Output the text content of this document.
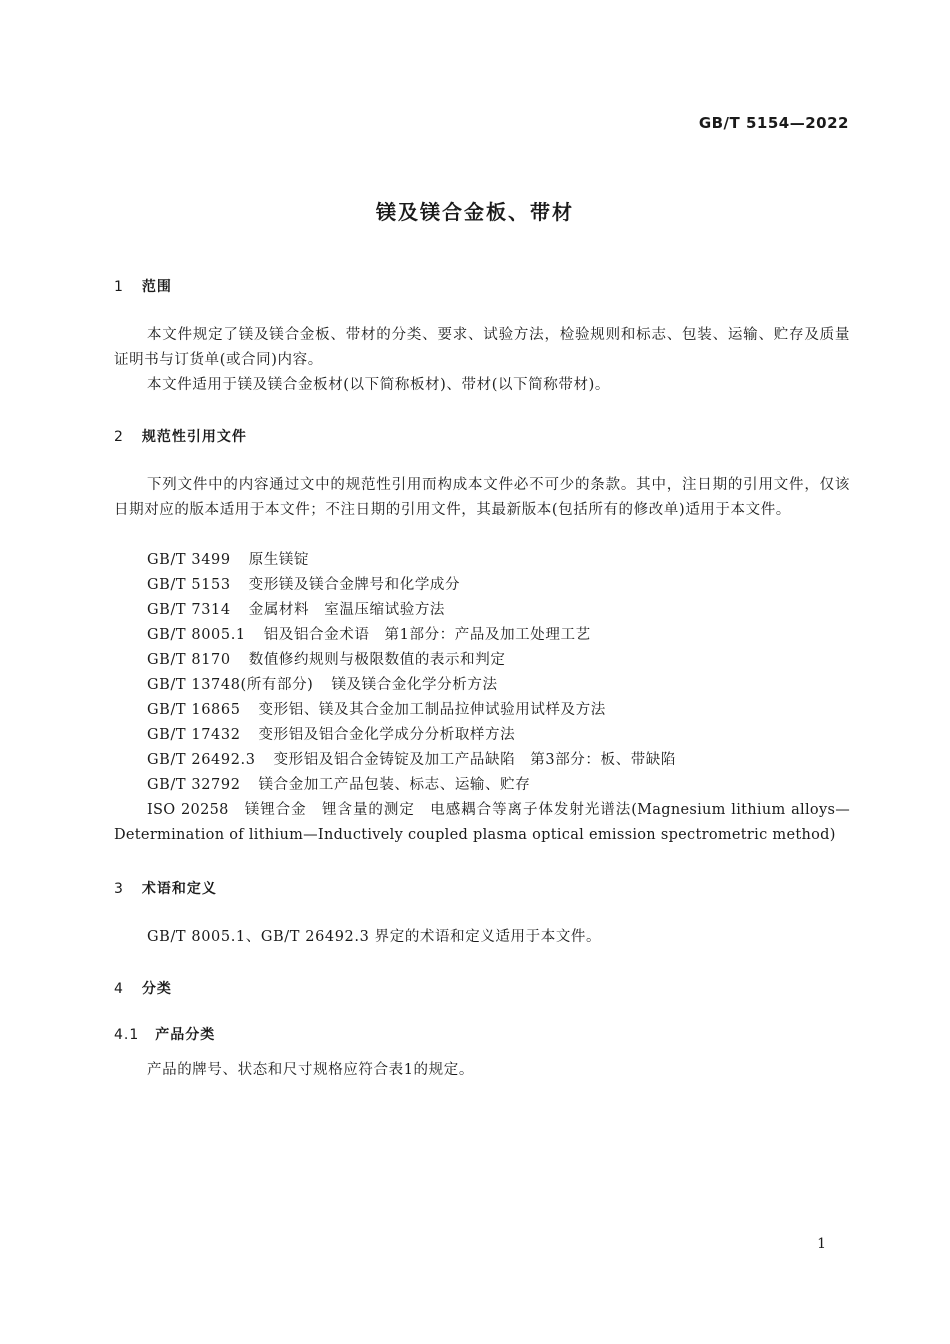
GB/T 5154—2022
镁及镁合金板、带材
1 范围
本文件规定了镁及镁合金板、带材的分类、要求、试验方法，检验规则和标志、包装、运输、贮存及质量证明书与订货单(或合同)内容。
本文件适用于镁及镁合金板材(以下简称板材)、带材(以下简称带材)。
2 规范性引用文件
下列文件中的内容通过文中的规范性引用而构成本文件必不可少的条款。其中，注日期的引用文件，仅该日期对应的版本适用于本文件；不注日期的引用文件，其最新版本(包括所有的修改单)适用于本文件。
GB/T 3499 原生镁锭
GB/T 5153 变形镁及镁合金牌号和化学成分
GB/T 7314 金属材料　室温压缩试验方法
GB/T 8005.1 铝及铝合金术语　第1部分：产品及加工处理工艺
GB/T 8170 数值修约规则与极限数值的表示和判定
GB/T 13748(所有部分) 镁及镁合金化学分析方法
GB/T 16865 变形铝、镁及其合金加工制品拉伸试验用试样及方法
GB/T 17432 变形铝及铝合金化学成分分析取样方法
GB/T 26492.3 变形铝及铝合金铸锭及加工产品缺陷　第3部分：板、带缺陷
GB/T 32792 镁合金加工产品包装、标志、运输、贮存
ISO 20258　镁锂合金　锂含量的测定　电感耦合等离子体发射光谱法(Magnesium lithium alloys—Determination of lithium—Inductively coupled plasma optical emission spectrometric method)
3 术语和定义
GB/T 8005.1、GB/T 26492.3 界定的术语和定义适用于本文件。
4 分类
4.1 产品分类
产品的牌号、状态和尺寸规格应符合表1的规定。
1
